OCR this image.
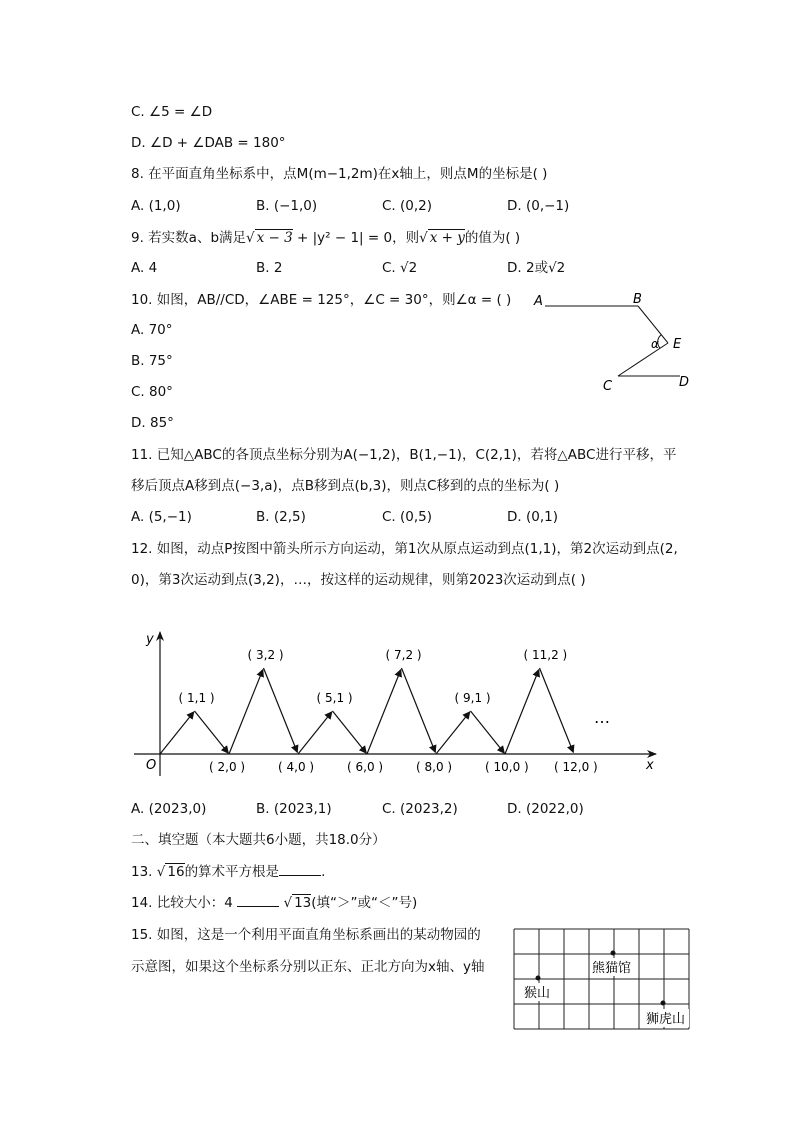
C. ∠5 = ∠D
D. ∠D + ∠DAB = 180°
8. 在平面直角坐标系中，点M(m−1,2m)在x轴上，则点M的坐标是( )
A. (1,0)	B. (−1,0)	C. (0,2)	D. (0,−1)
9. 若实数a、b满足√ x − 3 + |y² − 1| = 0，则√ x + y的值为( )
A. 4	B. 2	C. √2	D. 2或√2
10. 如图，AB//CD，∠ABE = 125°，∠C = 30°，则∠α = ( )
A. 70°
B. 75°
C. 80°
D. 85°
A	B
E
α
C	D
11. 已知△ABC的各顶点坐标分别为A(−1,2)，B(1,−1)，C(2,1)，若将△ABC进行平移，平
移后顶点A移到点(−3,a)，点B移到点(b,3)，则点C移到的点的坐标为( )
A. (5,−1)	B. (2,5)	C. (0,5)	D. (0,1)
12. 如图，动点P按图中箭头所示方向运动，第1次从原点运动到点(1,1)，第2次运动到点(2,
0)，第3次运动到点(3,2)，…，按这样的运动规律，则第2023次运动到点( )
y
x
O
( 1,1 )
( 3,2 )
( 5,1 )
( 7,2 )
( 9,1 )
( 11,2 )
( 2,0 )	( 4,0 )	( 6,0 )	( 8,0 )	( 10,0 ) ( 12,0 )
…
A. (2023,0)	B. (2023,1)	C. (2023,2)	D. (2022,0)
二、填空题（本大题共6小题，共18.0分）
13. √ 16的算术平方根是	.
14. 比较大小：4	√ 13(填“＞”或“＜”号)
15. 如图，这是一个利用平面直角坐标系画出的某动物园的
示意图，如果这个坐标系分别以正东、正北方向为x轴、y轴	熊猫馆
猴山
狮虎山
